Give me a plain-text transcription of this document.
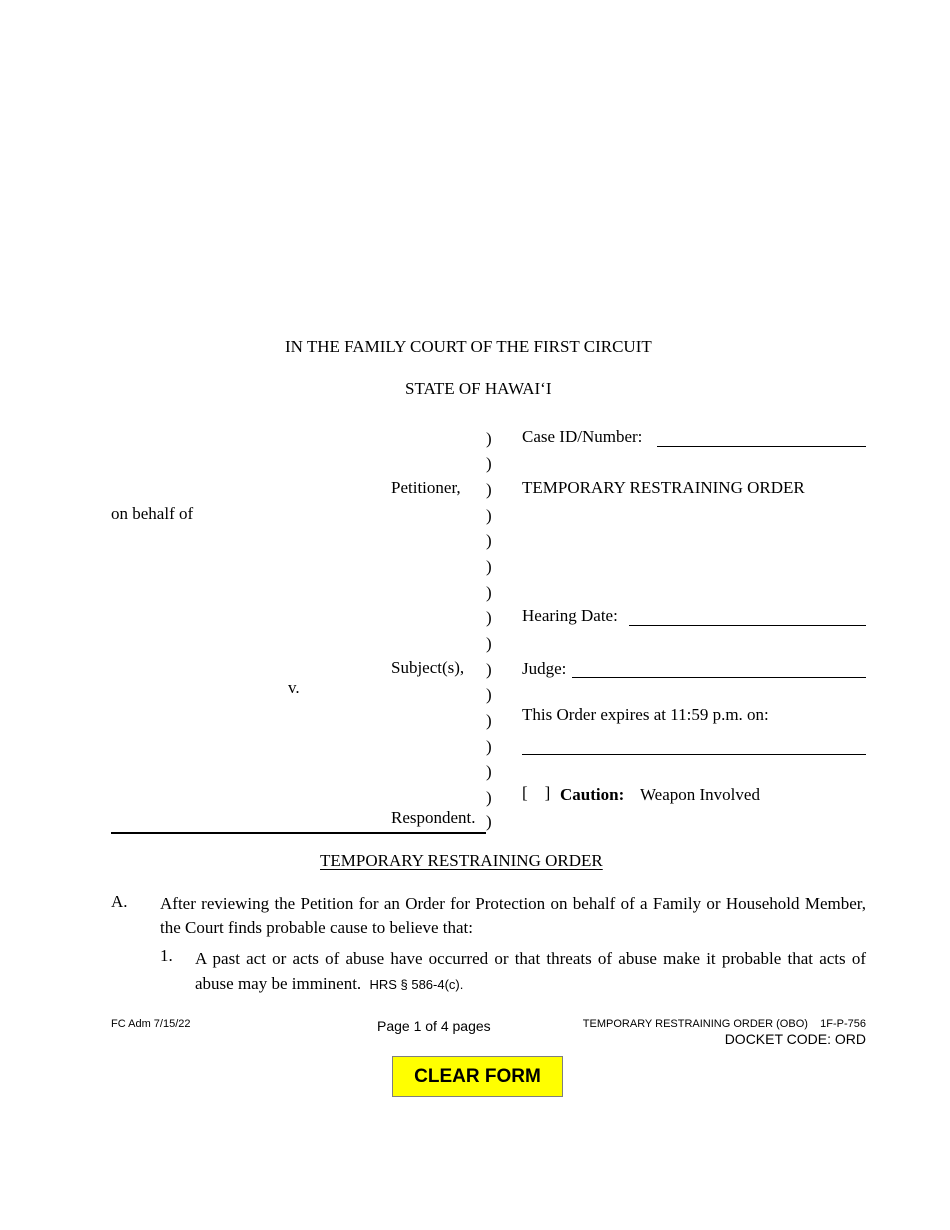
IN THE FAMILY COURT OF THE FIRST CIRCUIT
STATE OF HAWAI‘I
Petitioner,
on behalf of
Subject(s),
v.
Respondent.
)
)
)
)
)
)
)
)
)
)
)
)
)
)
)
)
Case ID/Number:
TEMPORARY RESTRAINING ORDER
Hearing Date:
Judge:
This Order expires at 11:59 p.m. on:
[    ] Caution: Weapon Involved
TEMPORARY RESTRAINING ORDER
A. After reviewing the Petition for an Order for Protection on behalf of a Family or Household Member, the Court finds probable cause to believe that:
1. A past act or acts of abuse have occurred or that threats of abuse make it probable that acts of abuse may be imminent. HRS § 586-4(c).
FC Adm 7/15/22	Page 1 of 4 pages	TEMPORARY RESTRAINING ORDER (OBO)    1F-P-756
DOCKET CODE: ORD
CLEAR FORM
